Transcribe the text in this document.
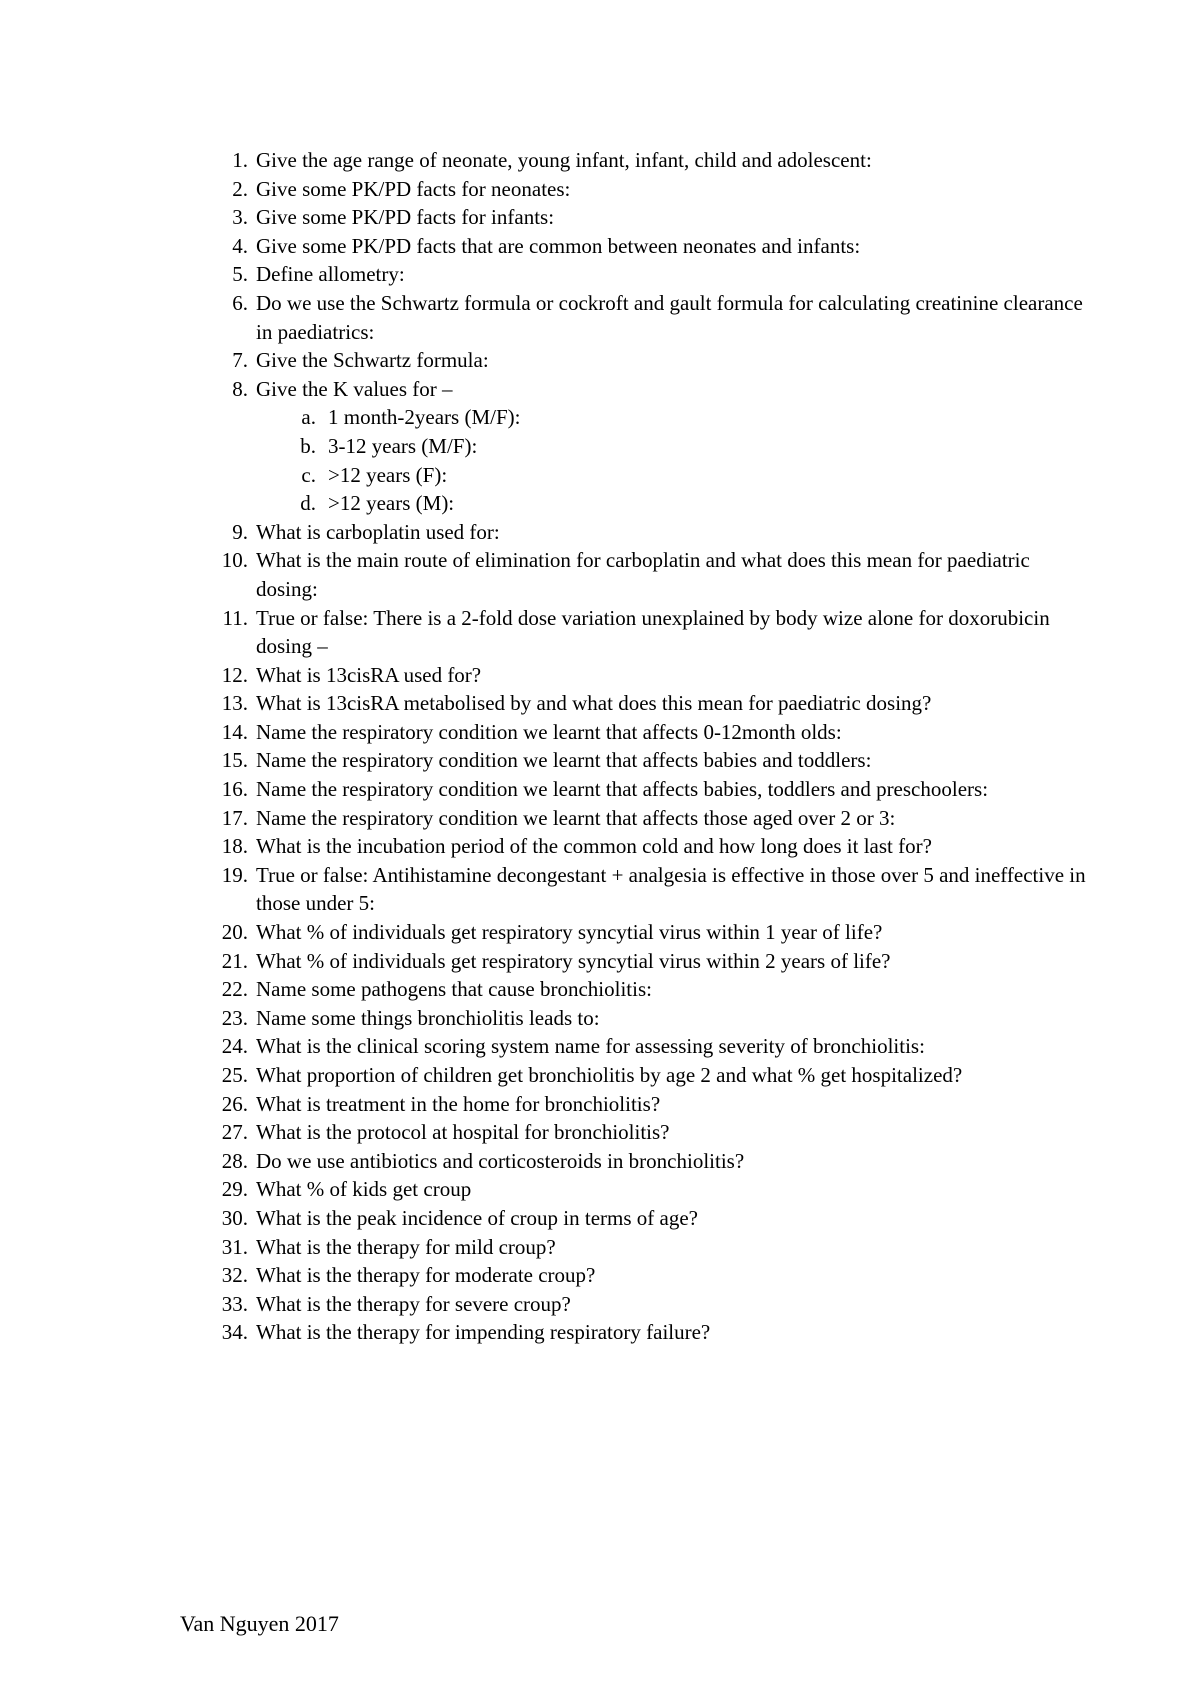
1. Give the age range of neonate, young infant, infant, child and adolescent:
2. Give some PK/PD facts for neonates:
3. Give some PK/PD facts for infants:
4. Give some PK/PD facts that are common between neonates and infants:
5. Define allometry:
6. Do we use the Schwartz formula or cockroft and gault formula for calculating creatinine clearance in paediatrics:
7. Give the Schwartz formula:
8. Give the K values for –
a. 1 month-2years (M/F):
b. 3-12 years (M/F):
c. >12 years (F):
d. >12 years (M):
9. What is carboplatin used for:
10. What is the main route of elimination for carboplatin and what does this mean for paediatric dosing:
11. True or false: There is a 2-fold dose variation unexplained by body wize alone for doxorubicin dosing –
12. What is 13cisRA used for?
13. What is 13cisRA metabolised by and what does this mean for paediatric dosing?
14. Name the respiratory condition we learnt that affects 0-12month olds:
15. Name the respiratory condition we learnt that affects babies and toddlers:
16. Name the respiratory condition we learnt that affects babies, toddlers and preschoolers:
17. Name the respiratory condition we learnt that affects those aged over 2 or 3:
18. What is the incubation period of the common cold and how long does it last for?
19. True or false: Antihistamine decongestant + analgesia is effective in those over 5 and ineffective in those under 5:
20. What % of individuals get respiratory syncytial virus within 1 year of life?
21. What % of individuals get respiratory syncytial virus within 2 years of life?
22. Name some pathogens that cause bronchiolitis:
23. Name some things bronchiolitis leads to:
24. What is the clinical scoring system name for assessing severity of bronchiolitis:
25. What proportion of children get bronchiolitis by age 2 and what % get hospitalized?
26. What is treatment in the home for bronchiolitis?
27. What is the protocol at hospital for bronchiolitis?
28. Do we use antibiotics and corticosteroids in bronchiolitis?
29. What % of kids get croup
30. What is the peak incidence of croup in terms of age?
31. What is the therapy for mild croup?
32. What is the therapy for moderate croup?
33. What is the therapy for severe croup?
34. What is the therapy for impending respiratory failure?
Van Nguyen 2017
